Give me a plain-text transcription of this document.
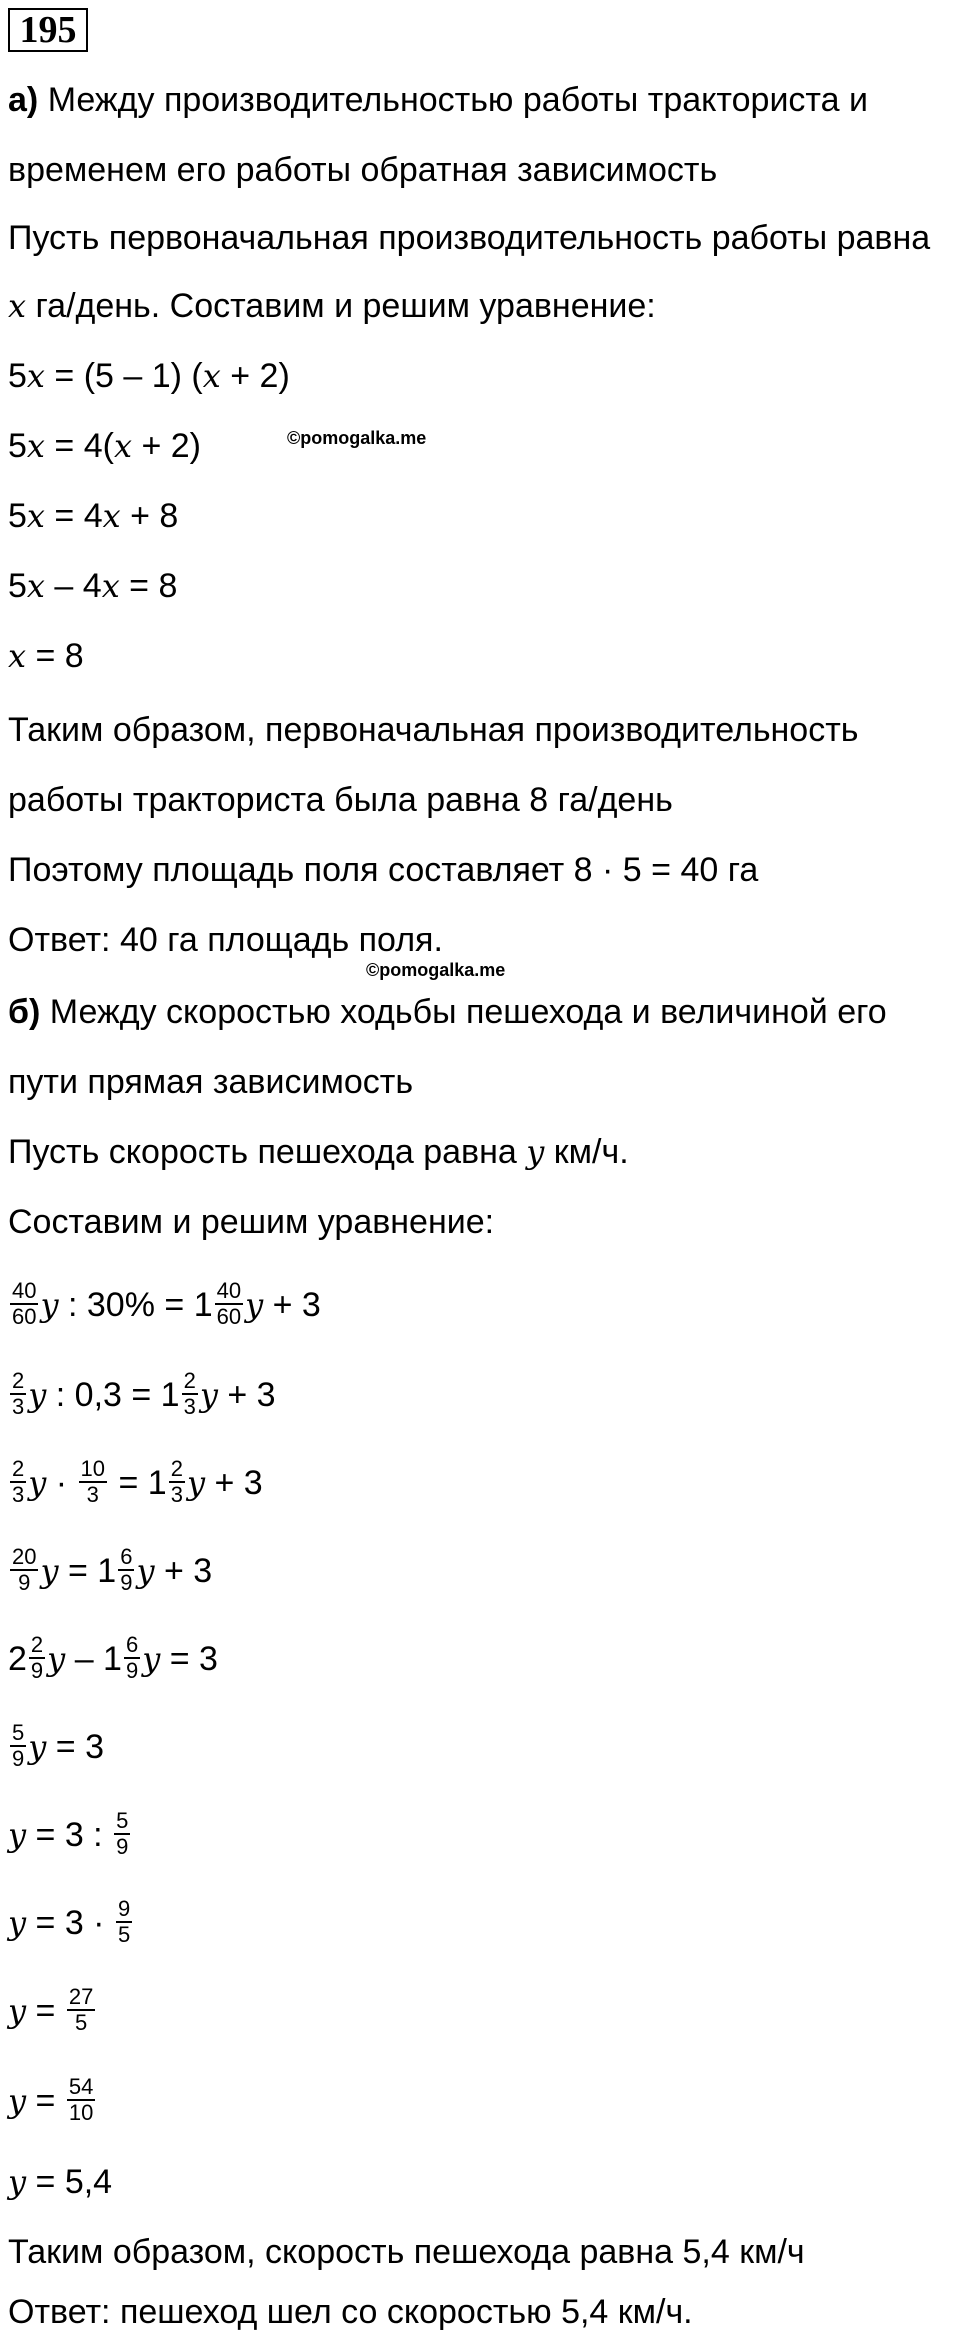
195
а) Между производительностью работы тракториста и
временем его работы обратная зависимость
Пусть первоначальная производительность работы равна
x га/день. Составим и решим уравнение:
5x = (5 – 1) (x + 2)
5x = 4(x + 2)	©pomogalka.me
5x = 4x + 8
5x – 4x = 8
x = 8
Таким образом, первоначальная производительность
работы тракториста была равна 8 га/день
Поэтому площадь поля составляет 8 · 5 = 40 га
Ответ: 40 га площадь поля.
©pomogalka.me
б) Между скоростью ходьбы пешехода и величиной его
пути прямая зависимость
Пусть скорость пешехода равна y км/ч.
Составим и решим уравнение:
$\frac{40}{60}$ y : $30\% = 1 \frac{40}{60}$ y + 3
$\frac{2}{3}$ y : $0,3 = 1 \frac{2}{3}$ y + 3
$\frac{2}{3}$ $y \cdot \frac{10}{3} = 1 \frac{2}{3}$ y + 3
$\frac{20}{9}$ $y = 1 \frac{6}{9}$ y + 3
$2 \frac{2}{9}$ y – $1 \frac{6}{9}$ y = 3
$\frac{5}{9}$ y = 3
y = 3 : $\frac{5}{9}$
$y = 3 \cdot \frac{9}{5}$
$y = \frac{27}{5}$
$y = \frac{54}{10}$
y = 5,4
Таким образом, скорость пешехода равна 5,4 км/ч
Ответ: пешеход шел со скоростью 5,4 км/ч.
